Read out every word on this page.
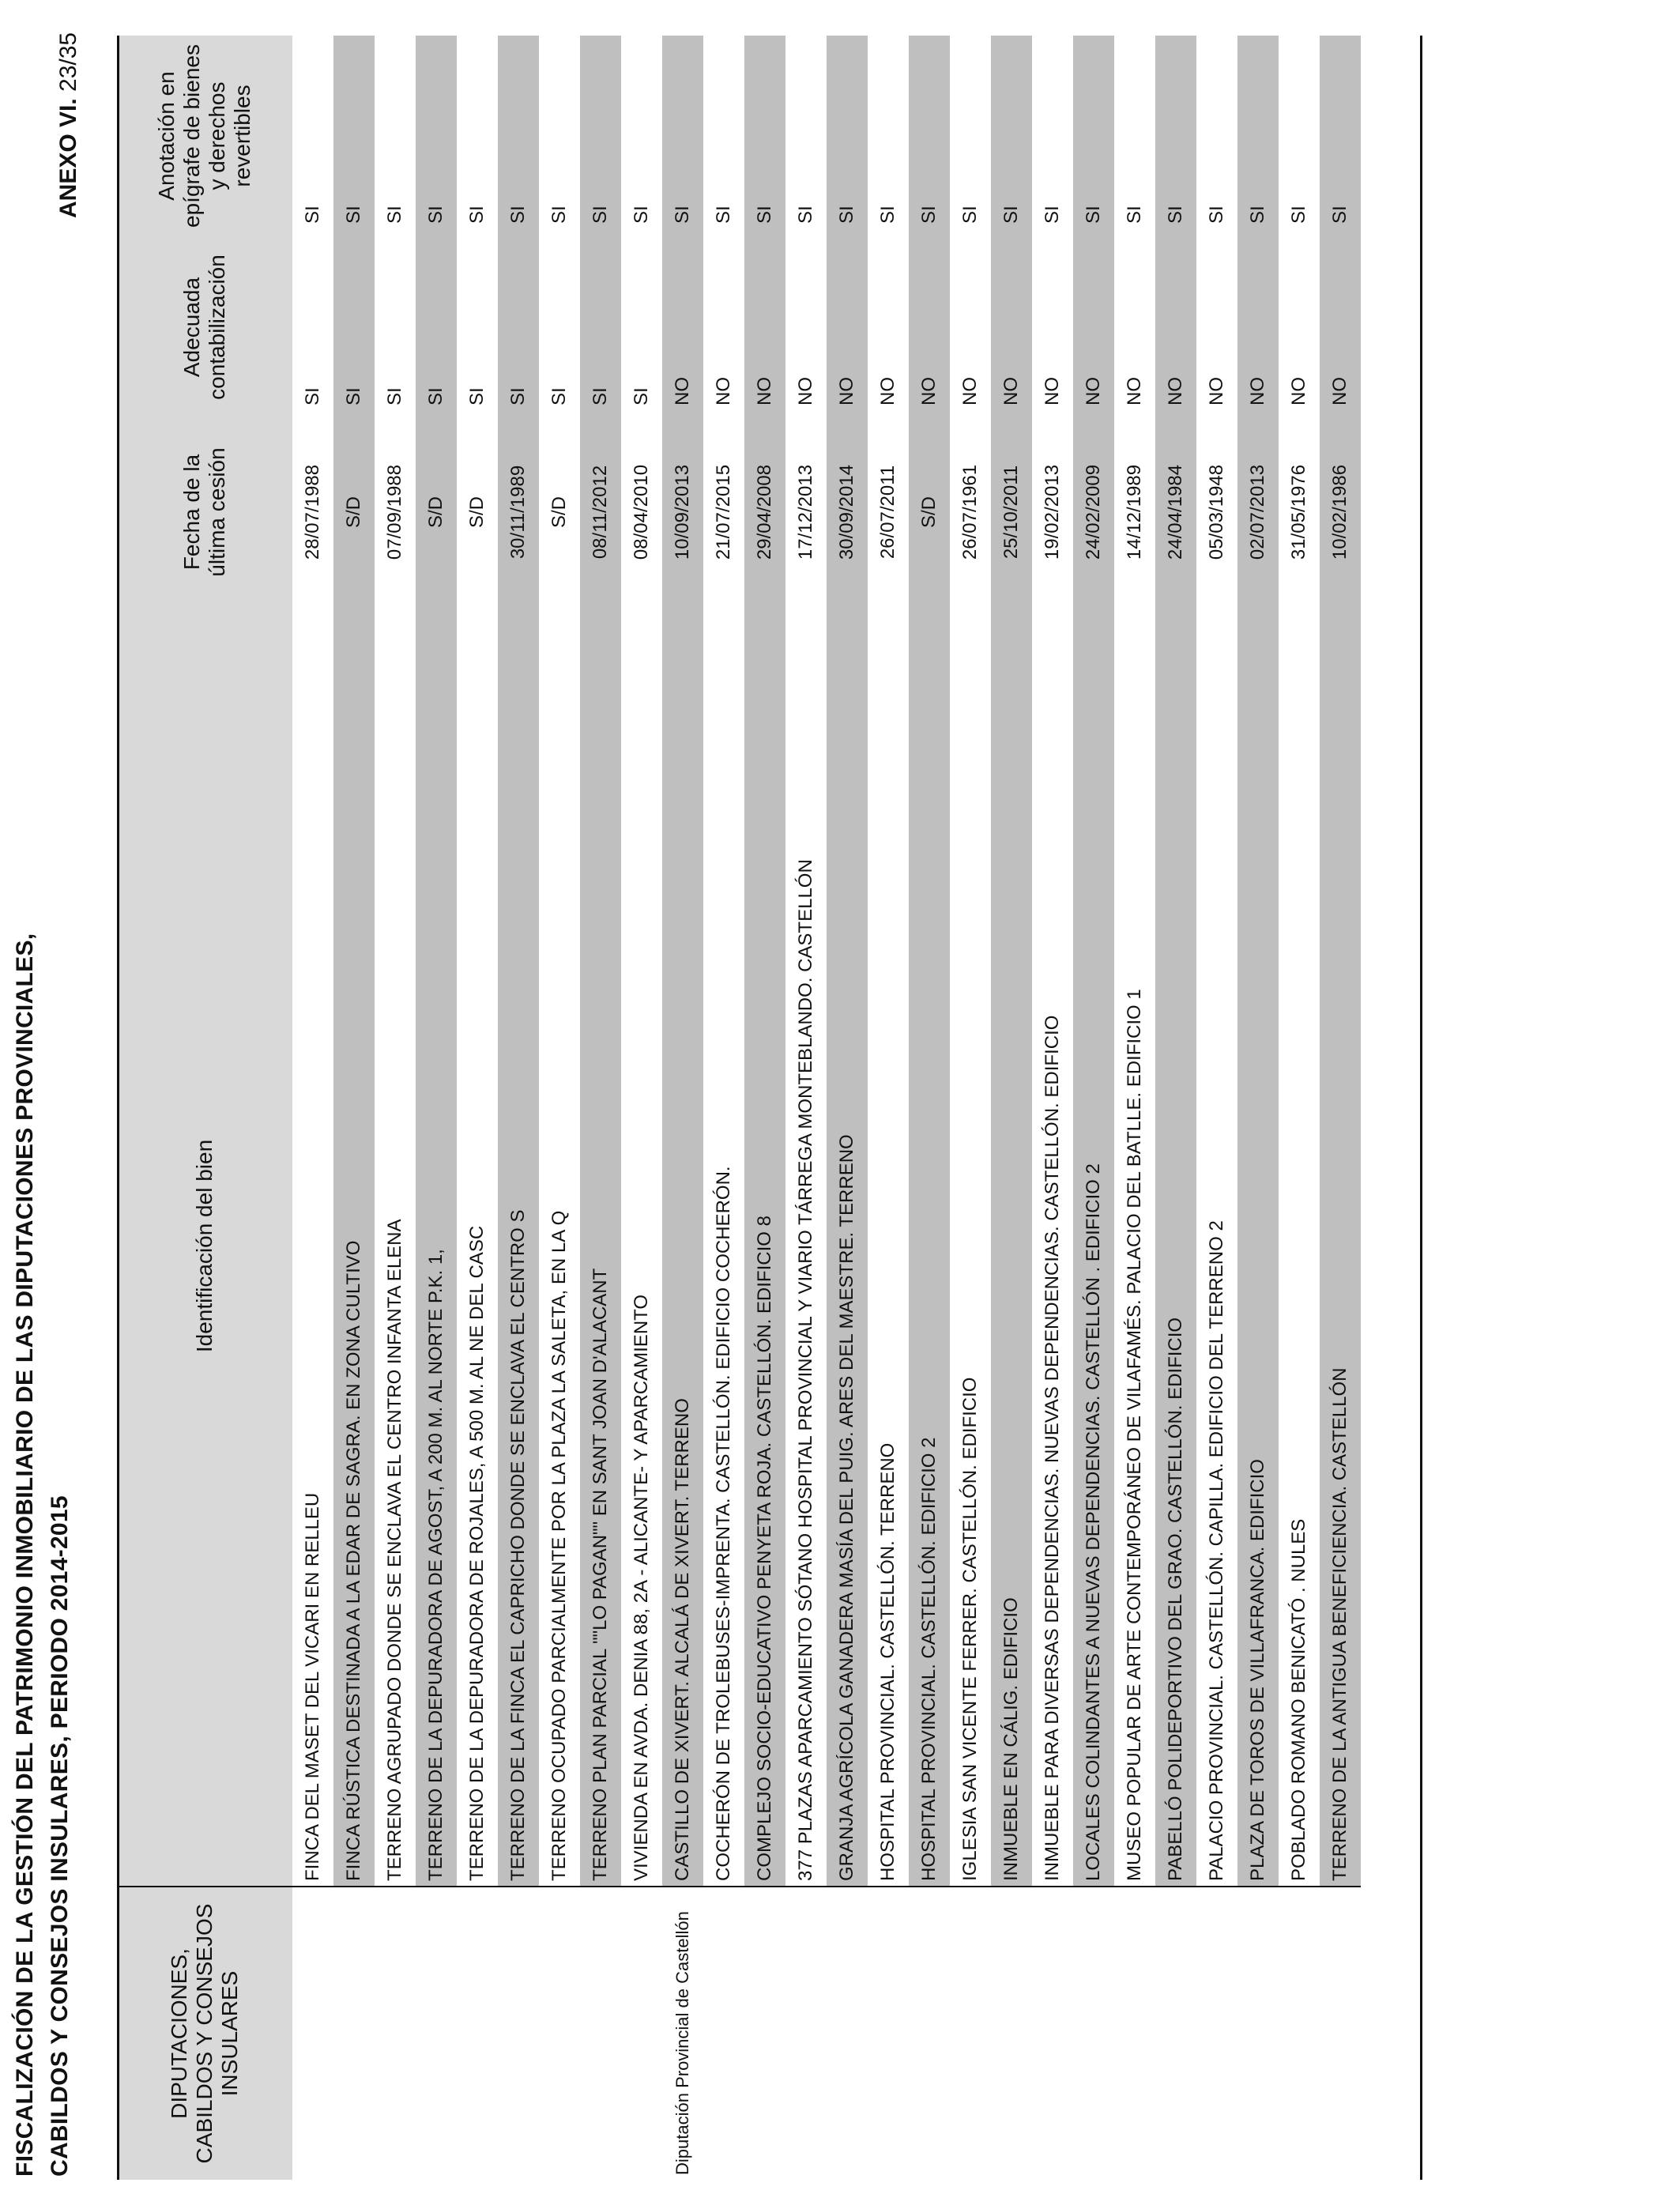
FISCALIZACIÓN DE LA GESTIÓN DEL PATRIMONIO INMOBILIARIO DE LAS DIPUTACIONES PROVINCIALES, CABILDOS Y CONSEJOS INSULARES, PERIODO 2014-2015
ANEXO VI. 23/35
DIPUTACIONES, CABILDOS Y CONSEJOS INSULARES	Identificación del bien	Fecha de la última cesión	Adecuada contabilización	Anotación en epígrafe de bienes y derechos revertibles
	FINCA DEL MASET DEL VICARI EN RELLEU	28/07/1988	SI	SI
	FINCA RÚSTICA DESTINADA A LA EDAR DE SAGRA. EN ZONA CULTIVO	S/D	SI	SI
	TERRENO AGRUPADO DONDE SE ENCLAVA EL CENTRO INFANTA ELENA	07/09/1988	SI	SI
	TERRENO DE LA DEPURADORA DE AGOST, A 200 M. AL NORTE P.K. 1,	S/D	SI	SI
	TERRENO DE LA DEPURADORA DE ROJALES, A 500 M. AL NE DEL CASC	S/D	SI	SI
	TERRENO DE LA FINCA EL CAPRICHO DONDE SE ENCLAVA EL CENTRO S	30/11/1989	SI	SI
	TERRENO OCUPADO PARCIALMENTE POR LA PLAZA LA SALETA, EN LA Q	S/D	SI	SI
	TERRENO PLAN PARCIAL ""LO PAGAN"" EN SANT JOAN D'ALACANT	08/11/2012	SI	SI
	VIVIENDA EN AVDA. DENIA 88, 2A - ALICANTE- Y APARCAMIENTO	08/04/2010	SI	SI
Diputación Provincial de Castellón	CASTILLO DE XIVERT. ALCALÁ DE XIVERT. TERRENO	10/09/2013	NO	SI
	COCHERÓN DE TROLEBUSES-IMPRENTA. CASTELLÓN. EDIFICIO COCHERÓN.	21/07/2015	NO	SI
	COMPLEJO SOCIO-EDUCATIVO PENYETA ROJA. CASTELLÓN. EDIFICIO 8	29/04/2008	NO	SI
	377 PLAZAS APARCAMIENTO SÓTANO HOSPITAL PROVINCIAL Y VIARIO TÁRREGA MONTEBLANDO. CASTELLÓN	17/12/2013	NO	SI
	GRANJA AGRÍCOLA GANADERA MASÍA DEL PUIG. ARES DEL MAESTRE. TERRENO	30/09/2014	NO	SI
	HOSPITAL PROVINCIAL. CASTELLÓN. TERRENO	26/07/2011	NO	SI
	HOSPITAL PROVINCIAL. CASTELLÓN. EDIFICIO 2	S/D	NO	SI
	IGLESIA SAN VICENTE FERRER. CASTELLÓN. EDIFICIO	26/07/1961	NO	SI
	INMUEBLE EN CÁLIG. EDIFICIO	25/10/2011	NO	SI
	INMUEBLE PARA DIVERSAS DEPENDENCIAS. NUEVAS DEPENDENCIAS. CASTELLÓN. EDIFICIO	19/02/2013	NO	SI
	LOCALES COLINDANTES A NUEVAS DEPENDENCIAS. CASTELLÓN . EDIFICIO 2	24/02/2009	NO	SI
	MUSEO POPULAR DE ARTE CONTEMPORÁNEO DE VILAFAMÉS. PALACIO DEL BATLLE. EDIFICIO 1	14/12/1989	NO	SI
	PABELLÓ POLIDEPORTIVO DEL GRAO. CASTELLÓN. EDIFICIO	24/04/1984	NO	SI
	PALACIO PROVINCIAL. CASTELLÓN. CAPILLA. EDIFICIO DEL TERRENO 2	05/03/1948	NO	SI
	PLAZA DE TOROS DE VILLAFRANCA. EDIFICIO	02/07/2013	NO	SI
	POBLADO ROMANO BENICATÓ . NULES	31/05/1976	NO	SI
	TERRENO DE LA ANTIGUA BENEFICIENCIA. CASTELLÓN	10/02/1986	NO	SI
